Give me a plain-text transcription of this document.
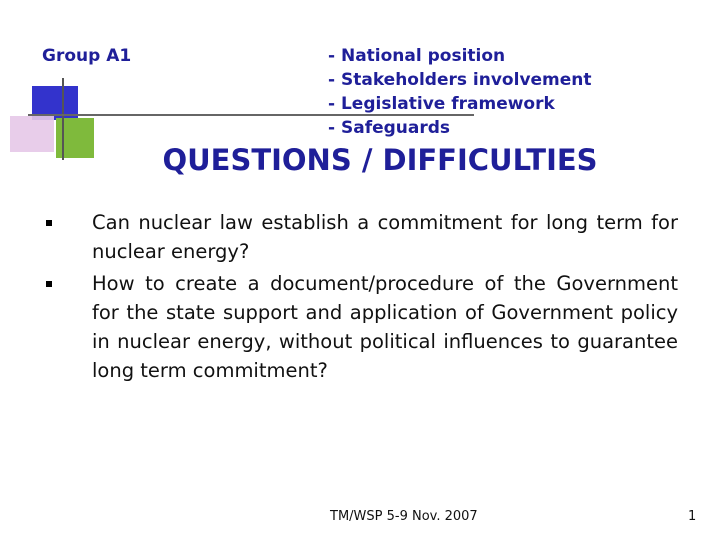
Group A1	- National position
- Stakeholders involvement
- Legislative framework
- Safeguards
QUESTIONS / DIFFICULTIES
Can nuclear law establish a commitment for long term for nuclear energy?
How to create a document/procedure of the Government for the state support and application of Government policy in nuclear energy, without political influences to guarantee long term commitment?
TM/WSP 5-9 Nov. 2007	1
